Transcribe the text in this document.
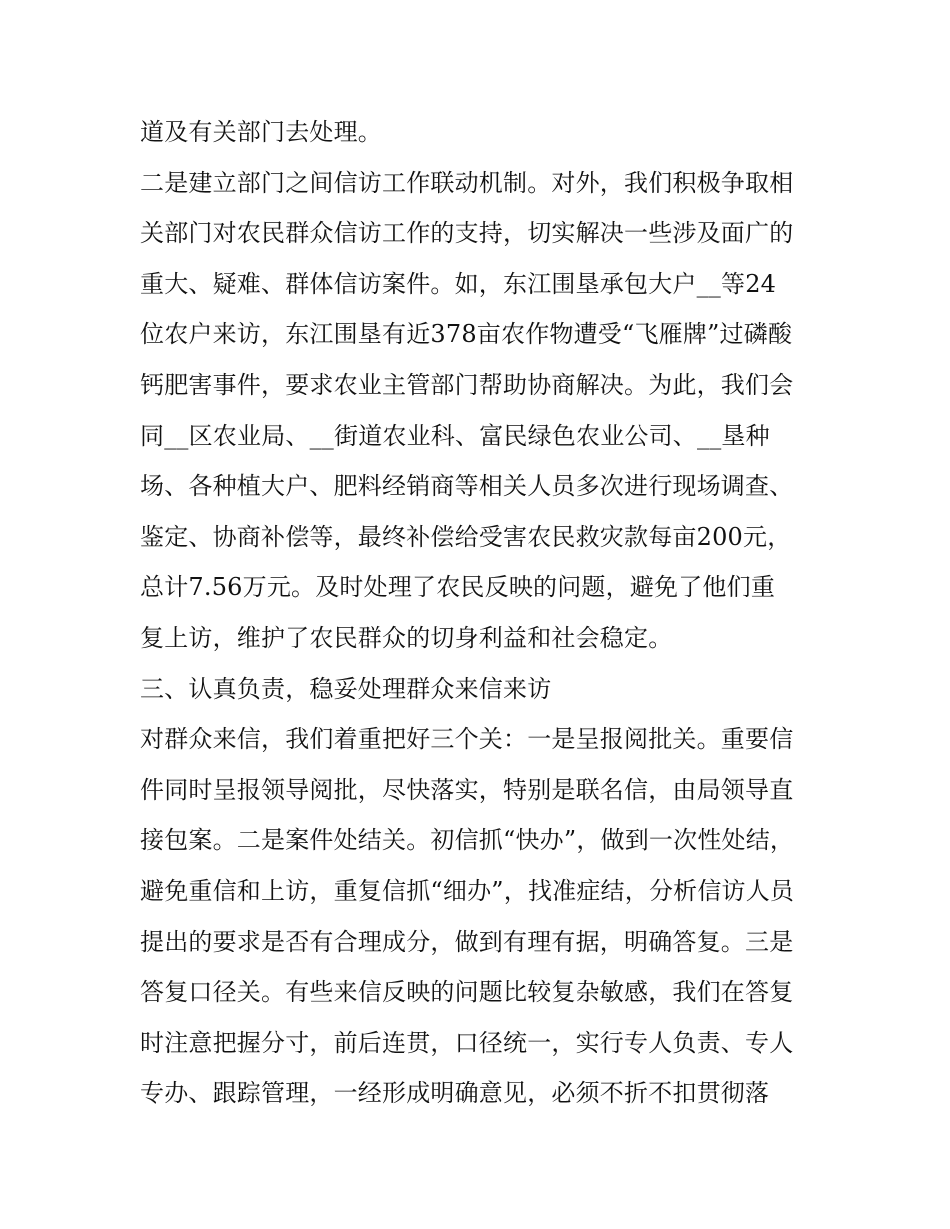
道及有关部门去处理。
二是建立部门之间信访工作联动机制。对外，我们积极争取相
关部门对农民群众信访工作的支持，切实解决一些涉及面广的
重大、疑难、群体信访案件。如，东江围垦承包大户__等24
位农户来访，东江围垦有近378亩农作物遭受“飞雁牌”过磷酸
钙肥害事件，要求农业主管部门帮助协商解决。为此，我们会
同__区农业局、__街道农业科、富民绿色农业公司、__垦种
场、各种植大户、肥料经销商等相关人员多次进行现场调查、
鉴定、协商补偿等，最终补偿给受害农民救灾款每亩200元，
总计7.56万元。及时处理了农民反映的问题，避免了他们重
复上访，维护了农民群众的切身利益和社会稳定。
三、认真负责，稳妥处理群众来信来访
对群众来信，我们着重把好三个关：一是呈报阅批关。重要信
件同时呈报领导阅批，尽快落实，特别是联名信，由局领导直
接包案。二是案件处结关。初信抓“快办”，做到一次性处结，
避免重信和上访，重复信抓“细办”，找准症结，分析信访人员
提出的要求是否有合理成分，做到有理有据，明确答复。三是
答复口径关。有些来信反映的问题比较复杂敏感，我们在答复
时注意把握分寸，前后连贯，口径统一，实行专人负责、专人
专办、跟踪管理，一经形成明确意见，必须不折不扣贯彻落
